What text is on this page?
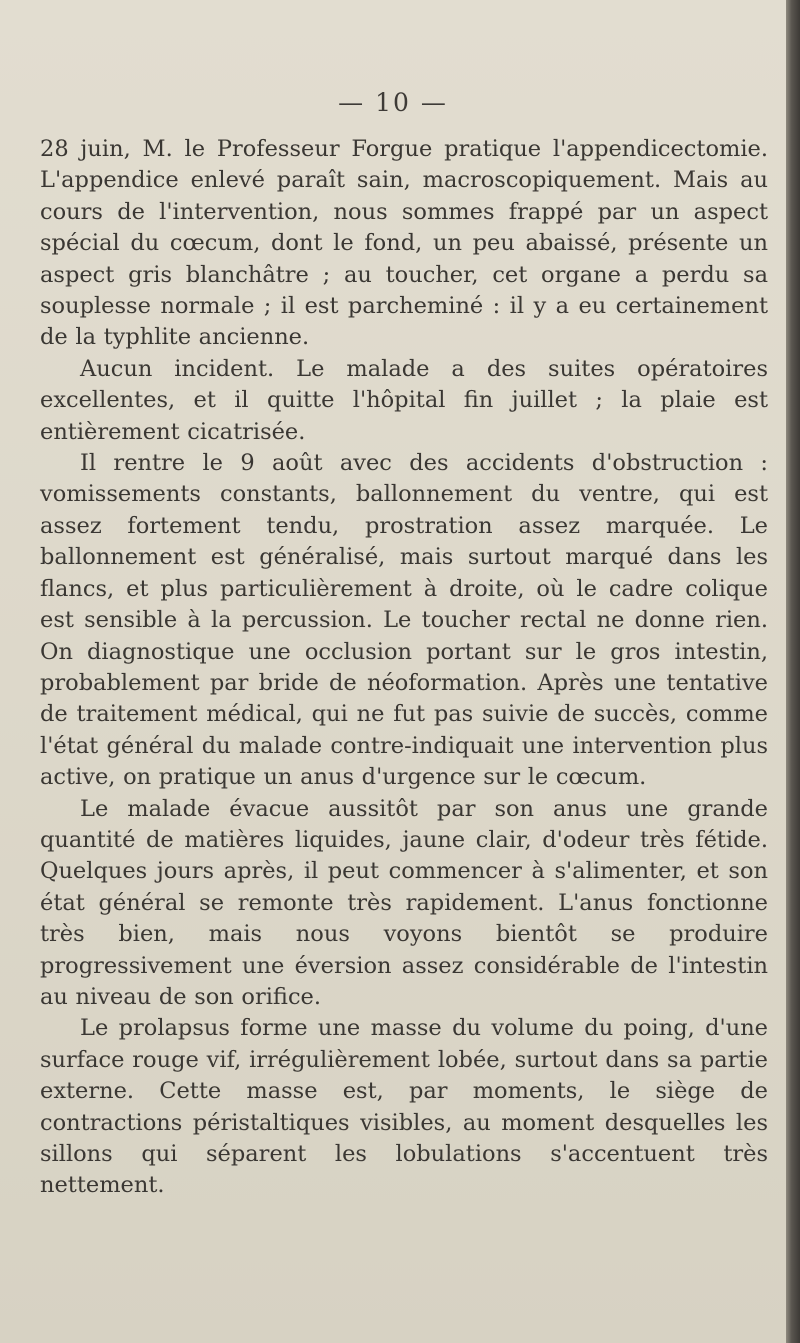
— 10 —

28 juin, M. le Professeur Forgue pratique l'appendicectomie. L'appendice enlevé paraît sain, macroscopiquement. Mais au cours de l'intervention, nous sommes frappé par un aspect spécial du cœcum, dont le fond, un peu abaissé, présente un aspect gris blanchâtre ; au toucher, cet organe a perdu sa souplesse normale ; il est parcheminé : il y a eu certainement de la typhlite ancienne.

Aucun incident. Le malade a des suites opératoires excellentes, et il quitte l'hôpital fin juillet ; la plaie est entièrement cicatrisée.

Il rentre le 9 août avec des accidents d'obstruction : vomissements constants, ballonnement du ventre, qui est assez fortement tendu, prostration assez marquée. Le ballonnement est généralisé, mais surtout marqué dans les flancs, et plus particulièrement à droite, où le cadre colique est sensible à la percussion. Le toucher rectal ne donne rien. On diagnostique une occlusion portant sur le gros intestin, probablement par bride de néoformation. Après une tentative de traitement médical, qui ne fut pas suivie de succès, comme l'état général du malade contre-indiquait une intervention plus active, on pratique un anus d'urgence sur le cœcum.

Le malade évacue aussitôt par son anus une grande quantité de matières liquides, jaune clair, d'odeur très fétide. Quelques jours après, il peut commencer à s'alimenter, et son état général se remonte très rapidement. L'anus fonctionne très bien, mais nous voyons bientôt se produire progressivement une éversion assez considérable de l'intestin au niveau de son orifice.

Le prolapsus forme une masse du volume du poing, d'une surface rouge vif, irrégulièrement lobée, surtout dans sa partie externe. Cette masse est, par moments, le siège de contractions péristaltiques visibles, au moment desquelles les sillons qui séparent les lobulations s'accentuent très nettement.
